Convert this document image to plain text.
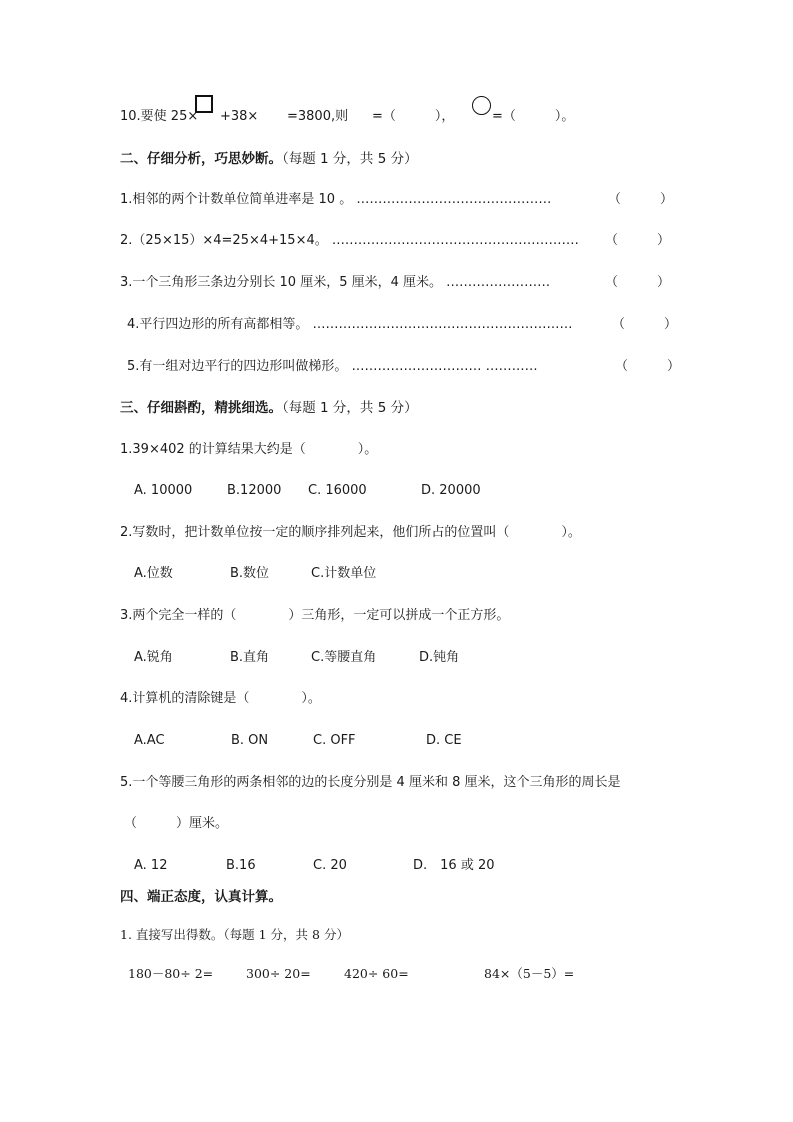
10.要使 25× +38× =3800,则 =（　　　），	=（　　　）。
二、仔细分析，巧思妙断。（每题 1 分，共 5 分）
1.相邻的两个计数单位简单进率是 10 。 ………………………………………	（　　　）
2.（25×15）×4=25×4+15×4。 ………………………………………………… （　　　）
3.一个三角形三条边分别长 10 厘米，5 厘米，4 厘米。 ……………………	（　　　）
4.平行四边形的所有高都相等。 ……………………………………………………	（　　　）
5.有一组对边平行的四边形叫做梯形。 ………………………… …………	（　　　）
三、仔细斟酌，精挑细选。（每题 1 分，共 5 分）
1.39×402 的计算结果大约是（　　　　）。
A. 10000	B.12000 C. 16000	D. 20000
2.写数时，把计数单位按一定的顺序排列起来，他们所占的位置叫（　　　　）。
A.位数	B.数位	C.计数单位
3.两个完全一样的（　　　　）三角形，一定可以拼成一个正方形。
A.锐角	B.直角	C.等腰直角	D.钝角
4.计算机的清除键是（　　　　）。
A.AC	B. ON	C. OFF	D. CE
5.一个等腰三角形的两条相邻的边的长度分别是 4 厘米和 8 厘米，这个三角形的周长是
（　　　）厘米。
A. 12	B.16	C. 20	D.　16 或 20
四、端正态度，认真计算。
1. 直接写出得数。（每题 1 分，共 8 分）
180－80÷ 2=	300÷ 20=	420÷ 60=	84×（5－5）=
